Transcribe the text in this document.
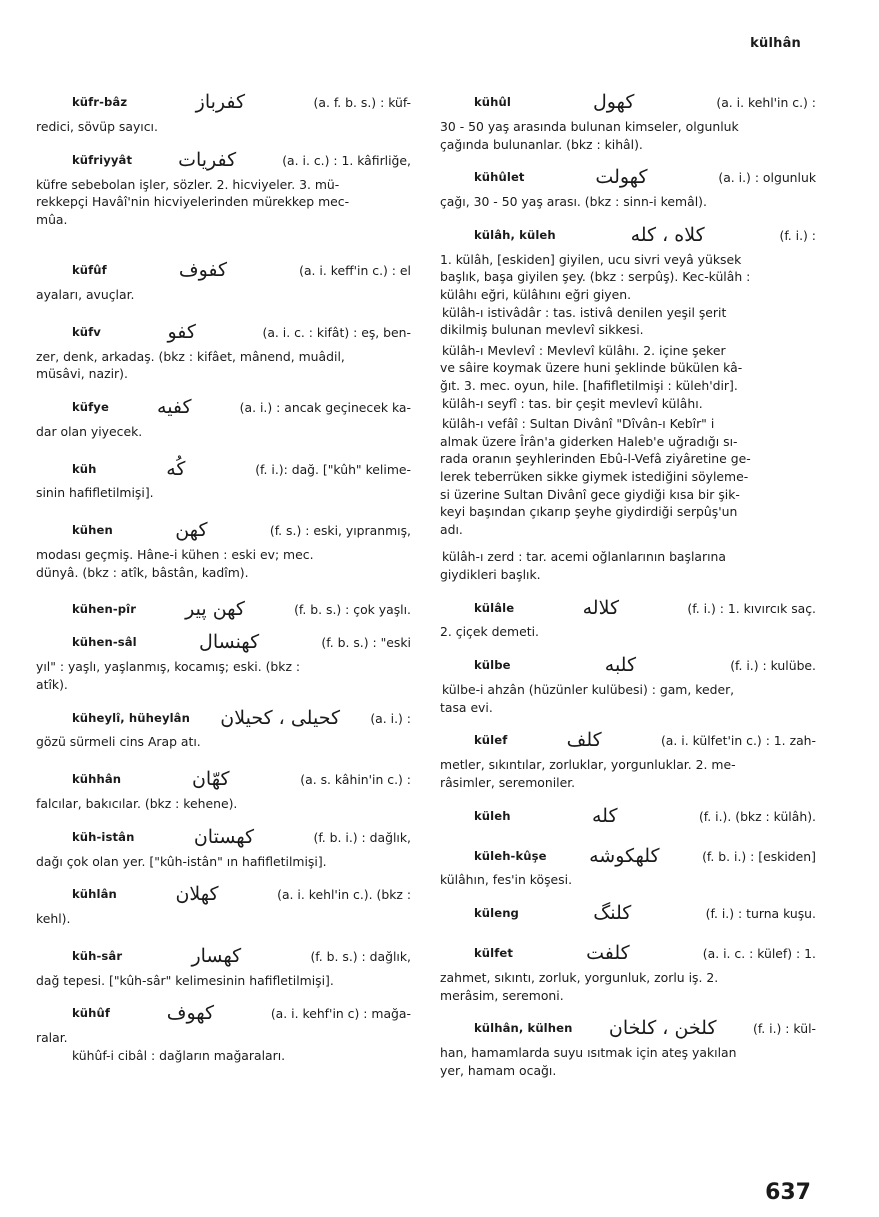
külhân
küfr-bâz	کفرباز	(a. f. b. s.) : küf-
redici, sövüp sayıcı.
küfriyyât کفریات	(a. i. c.) : 1. kâfirliğe,
küfre sebebolan işler, sözler. 2. hicviyeler. 3. mü-
rekkepçi Havâî'nin hicviyelerinden mürekkep mec-
mûa.
küfûf	کفوف	(a. i. keff'in c.) : el
ayaları, avuçlar.
küfv	کفو	(a. i. c. : kifât) : eş, ben-
zer, denk, arkadaş. (bkz : kifâet, mânend, muâdil,
müsâvi, nazir).
küfye	کفیه	(a. i.) : ancak geçinecek ka-
dar olan yiyecek.
küh	کُه	(f. i.): dağ. ["kûh" kelime-
sinin hafifletilmişi].
kühen	کهن	(f. s.) : eski, yıpranmış,
modası geçmiş. Hâne-i kühen : eski ev; mec.
dünyâ. (bkz : atîk, bâstân, kadîm).
kühen-pîr	کهن پیر	(f. b. s.) : çok yaşlı.
kühen-sâl	کهنسال	(f. b. s.) : "eski
yıl" : yaşlı, yaşlanmış, kocamış; eski. (bkz :
atîk).
küheylî, hüheylân کحیلی ، کحیلان (a. i.) :
gözü sürmeli cins Arap atı.
kühhân	کهّان	(a. s. kâhin'in c.) :
falcılar, bakıcılar. (bkz : kehene).
küh-istân	کهستان	(f. b. i.) : dağlık,
dağı çok olan yer. ["kûh-istân" ın hafifletilmişi].
kühlân	کهلان	(a. i. kehl'in c.). (bkz :
kehl).
küh-sâr	کهسار	(f. b. s.) : dağlık,
dağ tepesi. ["kûh-sâr" kelimesinin hafifletilmişi].
kühûf	کهوف	(a. i. kehf'in c) : mağa-
ralar.
kühûf-i cibâl : dağların mağaraları.
kühûl	کهول	(a. i. kehl'in c.) :
30 - 50 yaş arasında bulunan kimseler, olgunluk
çağında bulunanlar. (bkz : kihâl).
kühûlet	کهولت	(a. i.) : olgunluk
çağı, 30 - 50 yaş arası. (bkz : sinn-i kemâl).
külâh, küleh	کلاه ، کله	(f. i.) :
1. külâh, [eskiden] giyilen, ucu sivri veyâ yüksek
başlık, başa giyilen şey. (bkz : serpûş). Kec-külâh :
külâhı eğri, külâhını eğri giyen.
külâh-ı istivâdâr : tas. istivâ denilen yeşil şerit
dikilmiş bulunan mevlevî sikkesi.
külâh-ı Mevlevî : Mevlevî külâhı. 2. içine şeker
ve sâire koymak üzere huni şeklinde bükülen kâ-
ğıt. 3. mec. oyun, hile. [hafifletilmişi : küleh'dir].
külâh-ı seyfî : tas. bir çeşit mevlevî külâhı.
külâh-ı vefâî : Sultan Divânî "Dîvân-ı Kebîr" i
almak üzere Îrân'a giderken Haleb'e uğradığı sı-
rada oranın şeyhlerinden Ebû-l-Vefâ ziyâretine ge-
lerek teberrüken sikke giymek istediğini söyleme-
si üzerine Sultan Divânî gece giydiği kısa bir şik-
keyi başından çıkarıp şeyhe giydirdiği serpûş'un
adı.
külâh-ı zerd : tar. acemi oğlanlarının başlarına
giydikleri başlık.
külâle	کلاله	(f. i.) : 1. kıvırcık saç.
2. çiçek demeti.
külbe	کلبه	(f. i.) : kulübe.
külbe-i ahzân (hüzünler kulübesi) : gam, keder,
tasa evi.
külef	کلف	(a. i. külfet'in c.) : 1. zah-
metler, sıkıntılar, zorluklar, yorgunluklar. 2. me-
râsimler, seremoniler.
küleh	کله	(f. i.). (bkz : külâh).
küleh-kûşe کلهکوشه	(f. b. i.) : [eskiden]
külâhın, fes'in köşesi.
küleng	کلنگ	(f. i.) : turna kuşu.
külfet	کلفت	(a. i. c. : külef) : 1.
zahmet, sıkıntı, zorluk, yorgunluk, zorlu iş. 2.
merâsim, seremoni.
külhân, külhen کلخن ، کلخان	(f. i.) : kül-
han, hamamlarda suyu ısıtmak için ateş yakılan
yer, hamam ocağı.
637
